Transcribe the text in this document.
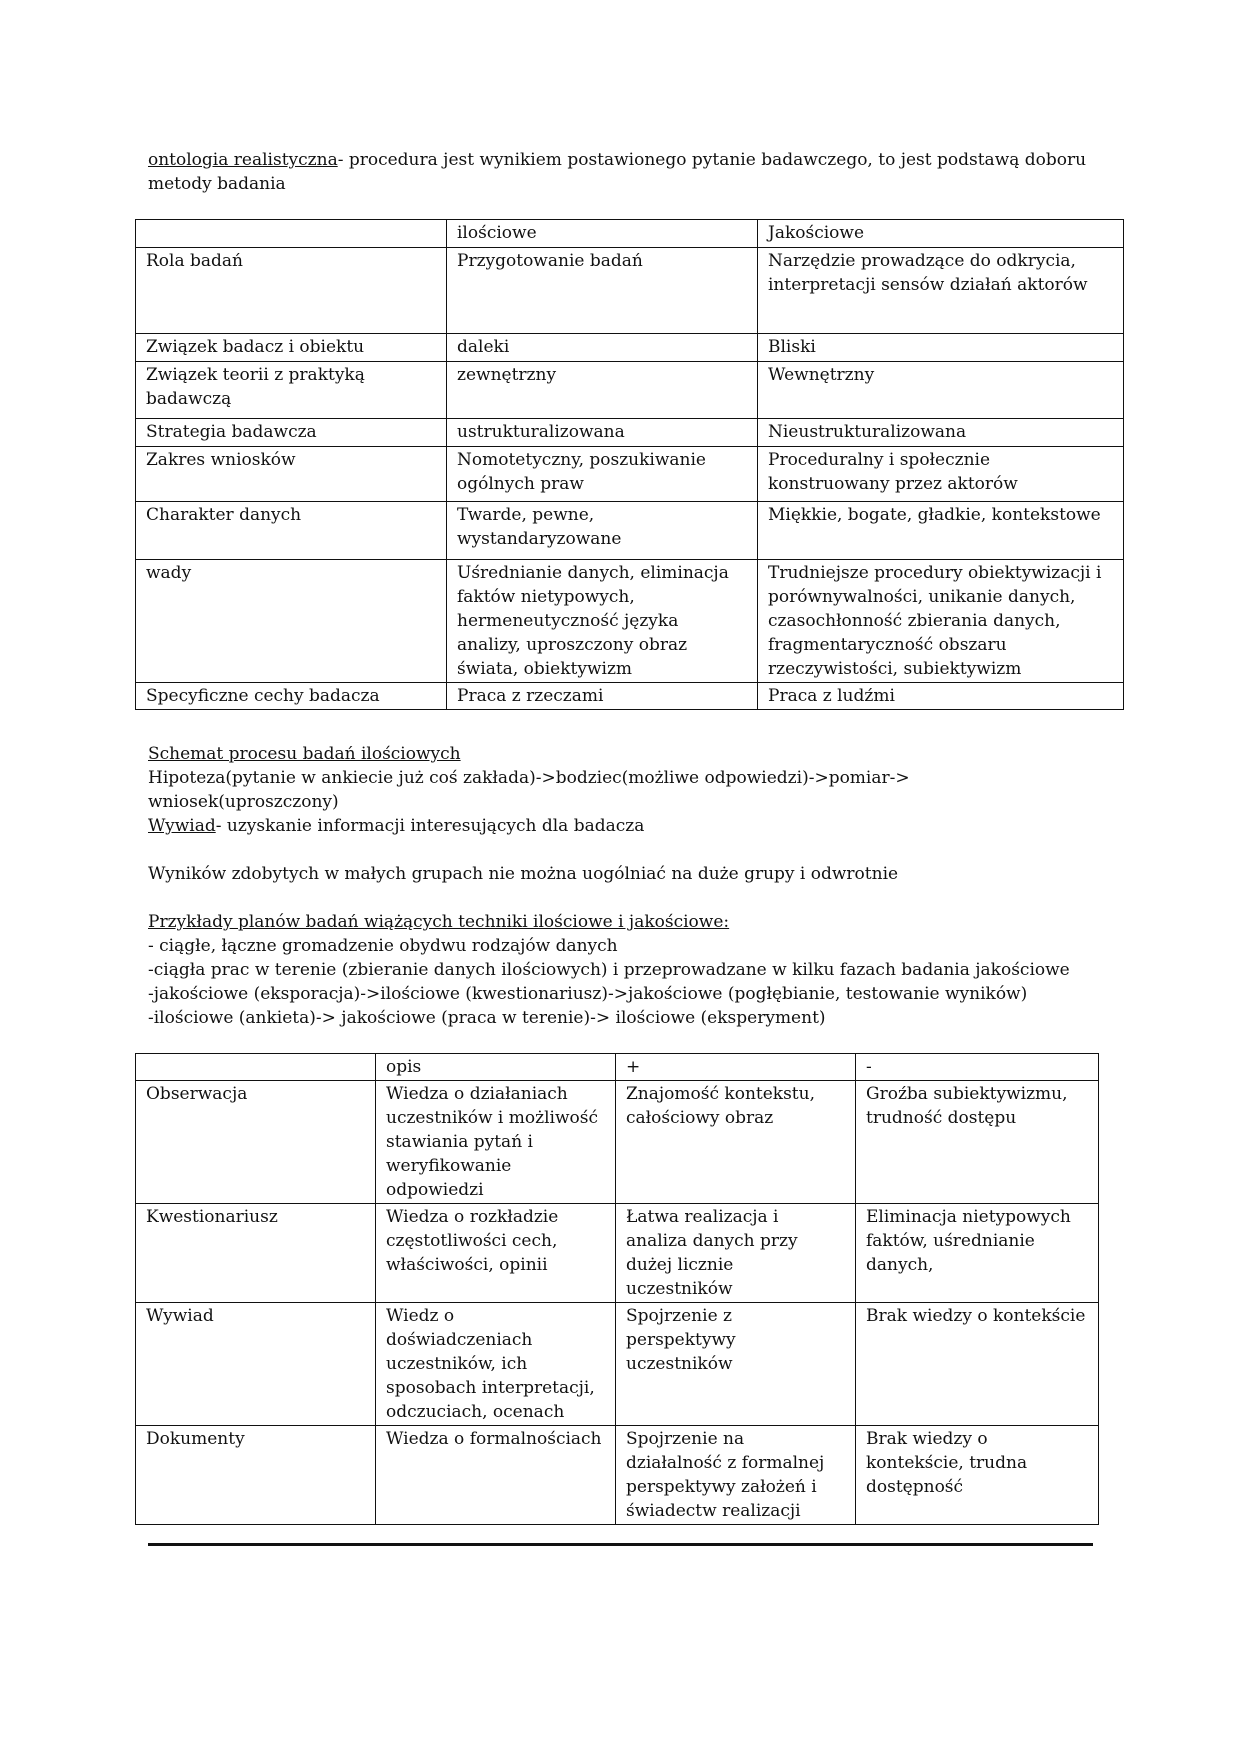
ontologia realistyczna- procedura jest wynikiem postawionego pytanie badawczego, to jest podstawą doboru metody badania

	ilościowe	Jakościowe
Rola badań	Przygotowanie badań	Narzędzie prowadzące do odkrycia, interpretacji sensów działań aktorów
Związek badacz i obiektu	daleki	Bliski
Związek teorii z praktyką badawczą	zewnętrzny	Wewnętrzny
Strategia badawcza	ustrukturalizowana	Nieustrukturalizowana
Zakres wniosków	Nomotetyczny, poszukiwanie ogólnych praw	Proceduralny i społecznie konstruowany przez aktorów
Charakter danych	Twarde, pewne, wystandaryzowane	Miękkie, bogate, gładkie, kontekstowe
wady	Uśrednianie danych, eliminacja faktów nietypowych, hermeneutyczność języka analizy, uproszczony obraz świata, obiektywizm	Trudniejsze procedury obiektywizacji i porównywalności, unikanie danych, czasochłonność zbierania danych, fragmentaryczność obszaru rzeczywistości, subiektywizm
Specyficzne cechy badacza	Praca z rzeczami	Praca z ludźmi

Schemat procesu badań ilościowych

Hipoteza(pytanie w ankiecie już coś zakłada)->bodziec(możliwe odpowiedzi)->pomiar-> wniosek(uproszczony)

Wywiad- uzyskanie informacji interesujących dla badacza

Wyników zdobytych w małych grupach nie można uogólniać na duże grupy i odwrotnie

Przykłady planów badań wiążących techniki ilościowe i jakościowe:

- ciągłe, łączne gromadzenie obydwu rodzajów danych

-ciągła prac w terenie (zbieranie danych ilościowych) i przeprowadzane w kilku fazach badania jakościowe

-jakościowe (eksporacja)->ilościowe (kwestionariusz)->jakościowe (pogłębianie, testowanie wyników)

-ilościowe (ankieta)-> jakościowe (praca w terenie)-> ilościowe (eksperyment)

	opis	+	-
Obserwacja	Wiedza o działaniach uczestników i możliwość stawiania pytań i weryfikowanie odpowiedzi	Znajomość kontekstu, całościowy obraz	Groźba subiektywizmu, trudność dostępu
Kwestionariusz	Wiedza o rozkładzie częstotliwości cech, właściwości, opinii	Łatwa realizacja i analiza danych przy dużej licznie uczestników	Eliminacja nietypowych faktów, uśrednianie danych,
Wywiad	Wiedz o doświadczeniach uczestników, ich sposobach interpretacji, odczuciach, ocenach	Spojrzenie z perspektywy uczestników	Brak wiedzy o kontekście
Dokumenty	Wiedza o formalnościach	Spojrzenie na działalność z formalnej perspektywy założeń i świadectw realizacji	Brak wiedzy o kontekście, trudna dostępność
